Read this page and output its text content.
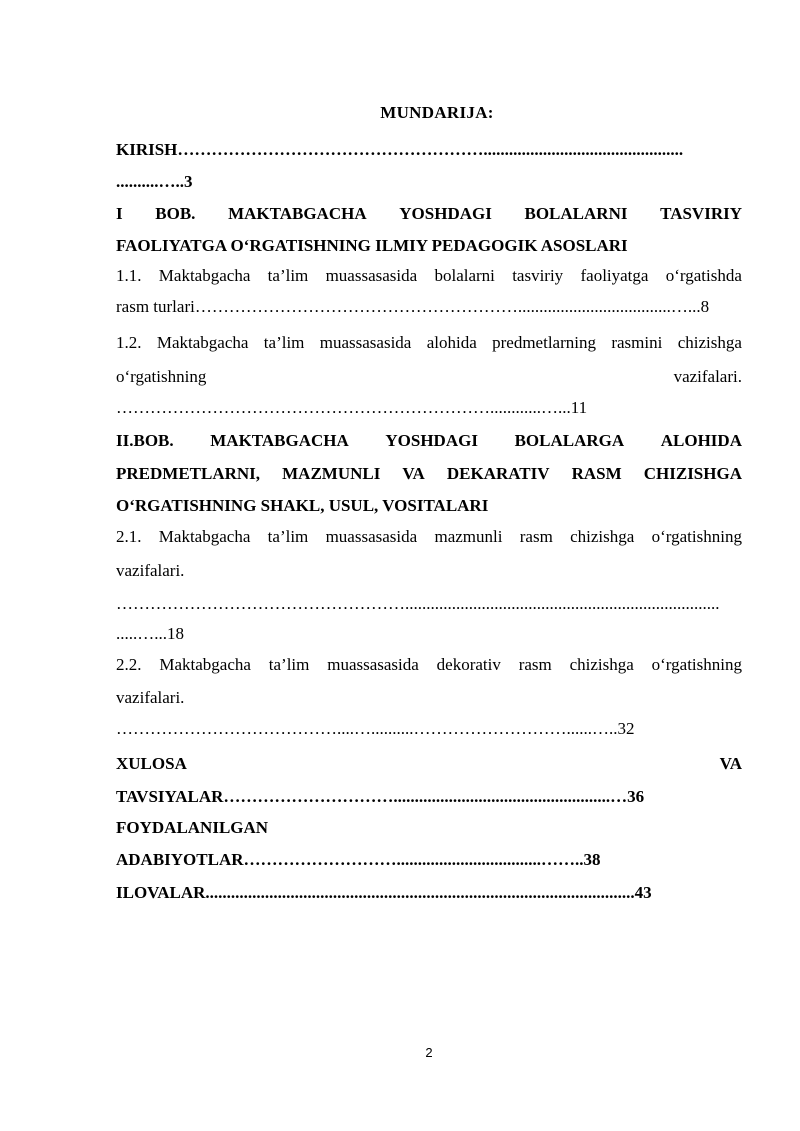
MUNDARIJA:
KIRISH………………………………………………...............................................
..........…..3
I BOB. MAKTABGACHA YOSHDAGI BOLALARNI TASVIRIY
FAOLIYATGA O‘RGATISHNING ILMIY PEDAGOGIK ASOSLARI
1.1. Maktabgacha ta’lim muassasasida bolalarni tasviriy faoliyatga o‘rgatishda
rasm turlari…………………………………………………....................................…...8
1.2. Maktabgacha ta’lim muassasasida alohida predmetlarning rasmini chizishga
o‘rgatishning	vazifalari.
…………………………………………………………............…...11
II.BOB. MAKTABGACHA YOSHDAGI BOLALARGA ALOHIDA
PREDMETLARNI, MAZMUNLI VA DEKARATIV RASM CHIZISHGA
O‘RGATISHNING SHAKL, USUL, VOSITALARI
2.1. Maktabgacha ta’lim muassasasida mazmunli rasm chizishga o‘rgatishning
vazifalari.
……………………………………………..........................................................................
.....…...18
2.2. Maktabgacha ta’lim muassasasida dekorativ rasm chizishga o‘rgatishning
vazifalari.
…………………………………....…..........………………………......…..32
XULOSA	VA
TAVSIYALAR…………………………...................................................…36
FOYDALANILGAN
ADABIYOTLAR………………………..................................……..38
ILOVALAR.....................................................................................................43
2
